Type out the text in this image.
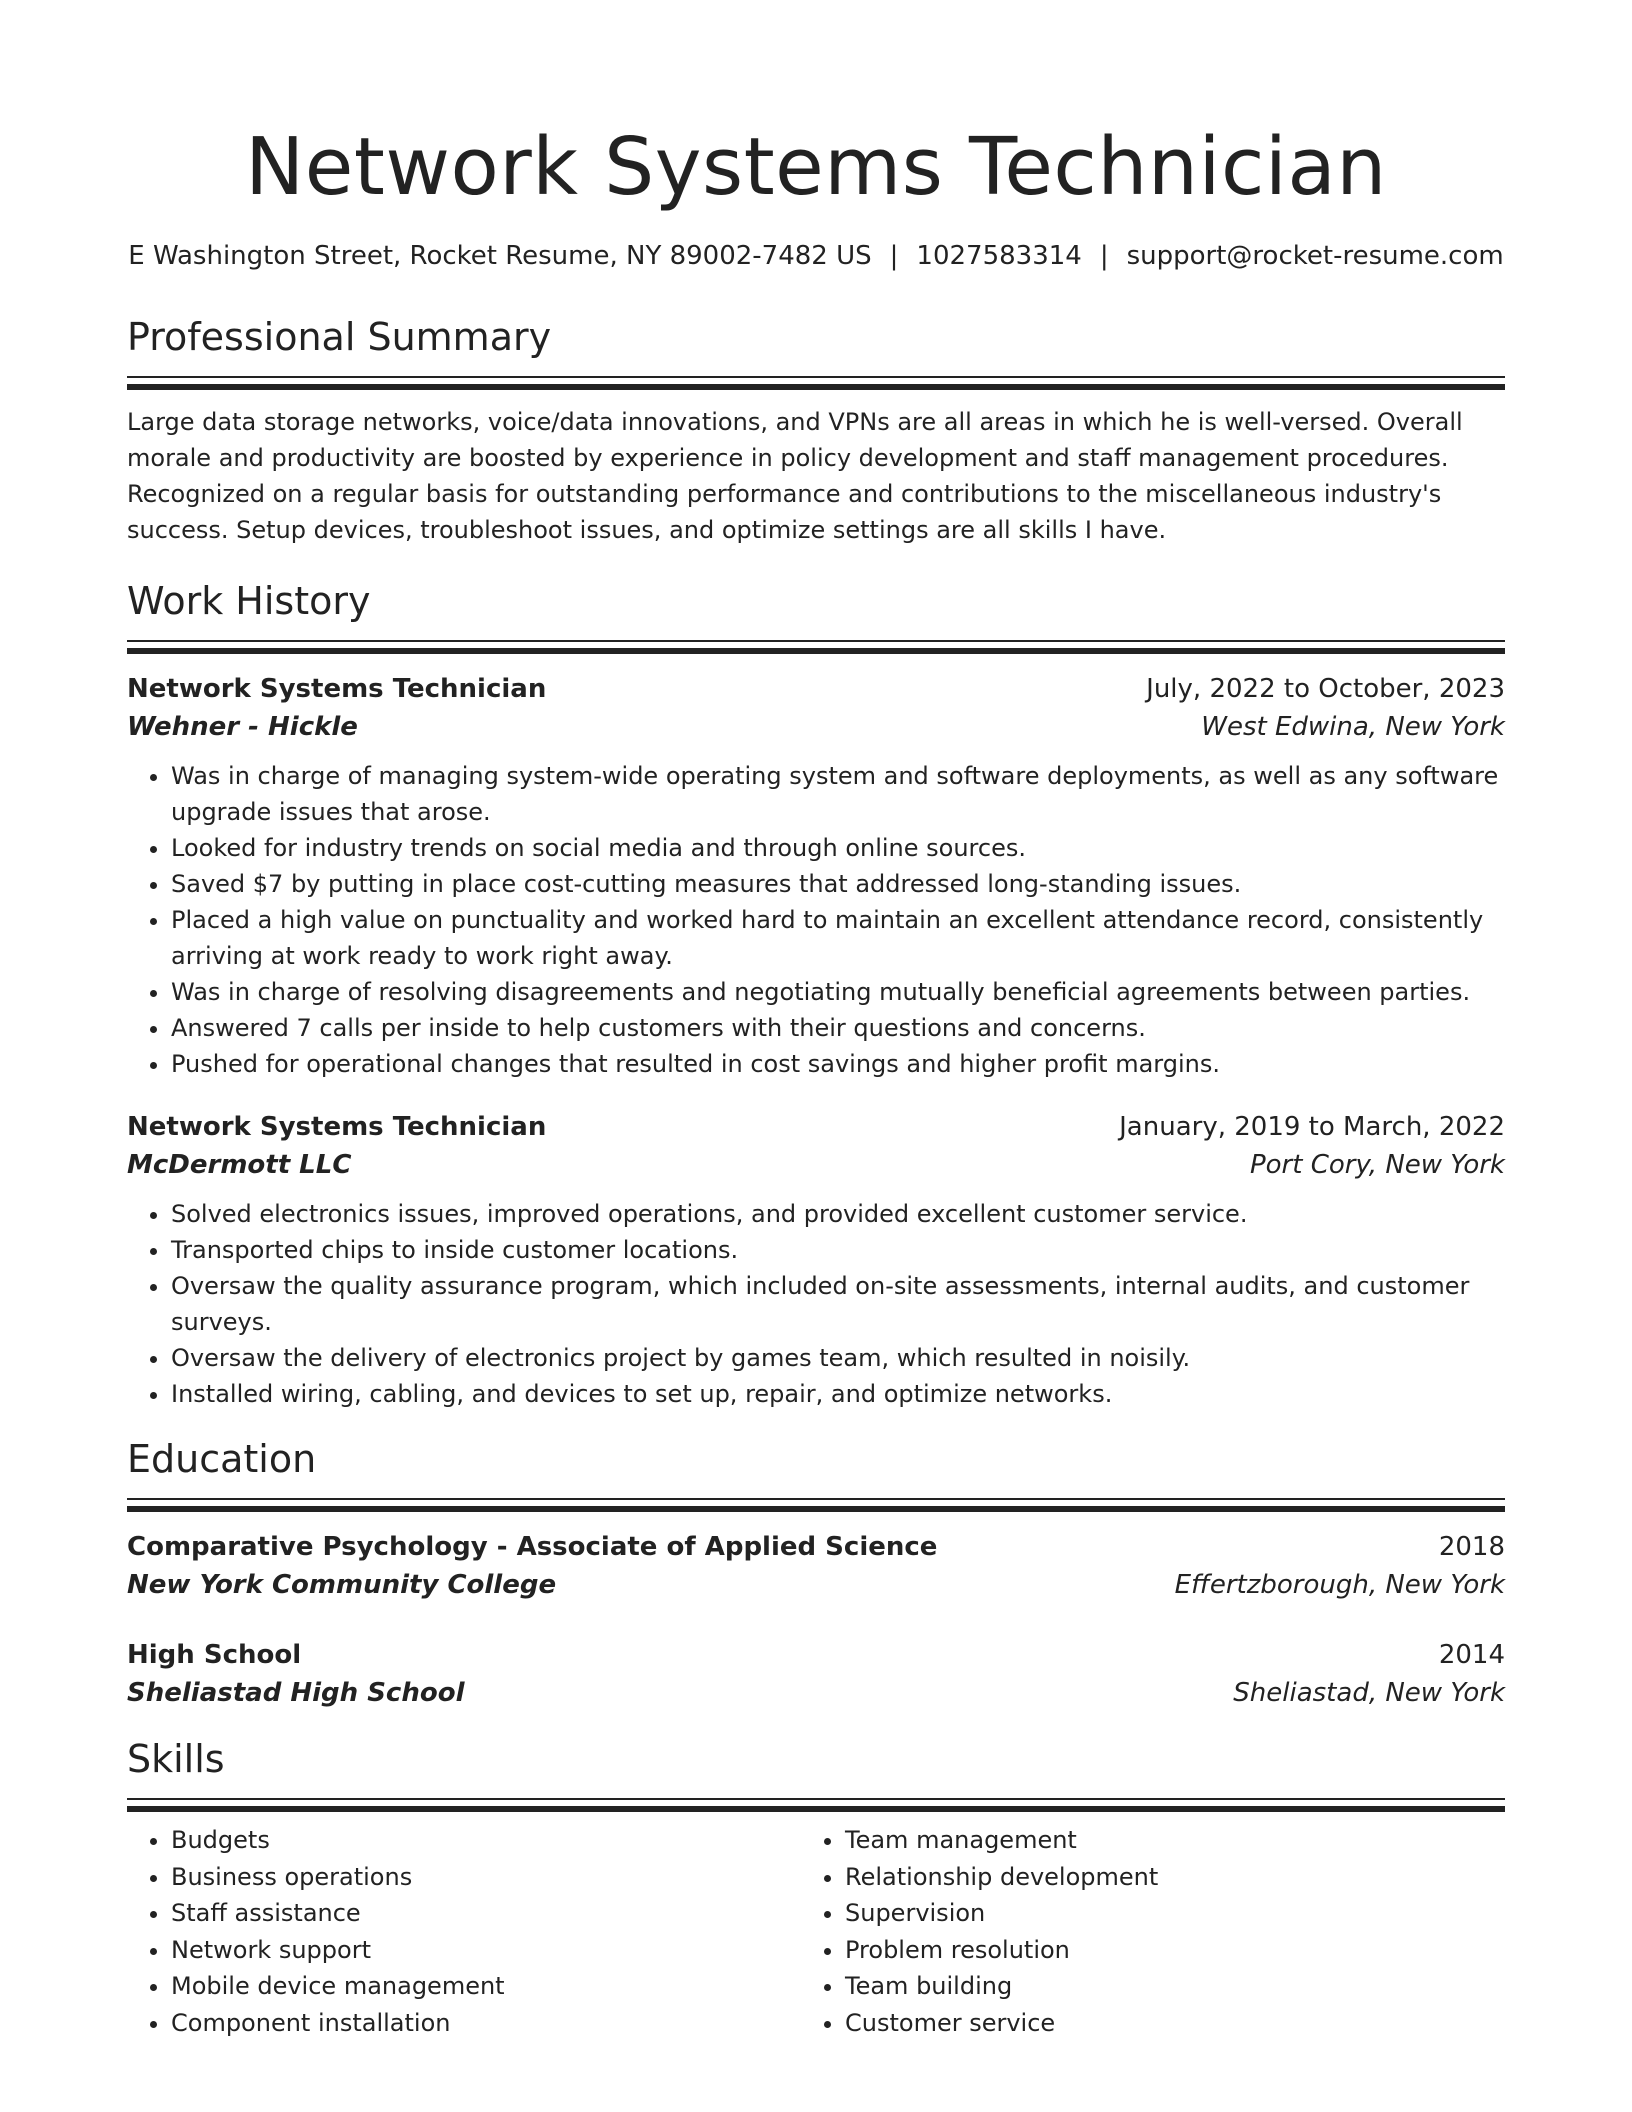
Network Systems Technician
E Washington Street, Rocket Resume, NY 89002-7482 US | 1027583314 | support@rocket-resume.com
Professional Summary

Large data storage networks, voice/data innovations, and VPNs are all areas in which he is well-versed. Overall morale and productivity are boosted by experience in policy development and staff management procedures. Recognized on a regular basis for outstanding performance and contributions to the miscellaneous industry's success. Setup devices, troubleshoot issues, and optimize settings are all skills I have.

Work History
Network Systems Technician	July, 2022 to October, 2023
Wehner - Hickle	West Edwina, New York
• Was in charge of managing system-wide operating system and software deployments, as well as any software upgrade issues that arose.
• Looked for industry trends on social media and through online sources.
• Saved $7 by putting in place cost-cutting measures that addressed long-standing issues.
• Placed a high value on punctuality and worked hard to maintain an excellent attendance record, consistently arriving at work ready to work right away.
• Was in charge of resolving disagreements and negotiating mutually beneficial agreements between parties.
• Answered 7 calls per inside to help customers with their questions and concerns.
• Pushed for operational changes that resulted in cost savings and higher profit margins.
Network Systems Technician	January, 2019 to March, 2022
McDermott LLC	Port Cory, New York
• Solved electronics issues, improved operations, and provided excellent customer service.
• Transported chips to inside customer locations.
• Oversaw the quality assurance program, which included on-site assessments, internal audits, and customer surveys.
• Oversaw the delivery of electronics project by games team, which resulted in noisily.
• Installed wiring, cabling, and devices to set up, repair, and optimize networks.
Education
Comparative Psychology - Associate of Applied Science	2018
New York Community College	Effertzborough, New York
High School	2014
Sheliastad High School	Sheliastad, New York
Skills
• Budgets
• Business operations
• Staff assistance
• Network support
• Mobile device management
• Component installation
• Team management
• Relationship development
• Supervision
• Problem resolution
• Team building
• Customer service
